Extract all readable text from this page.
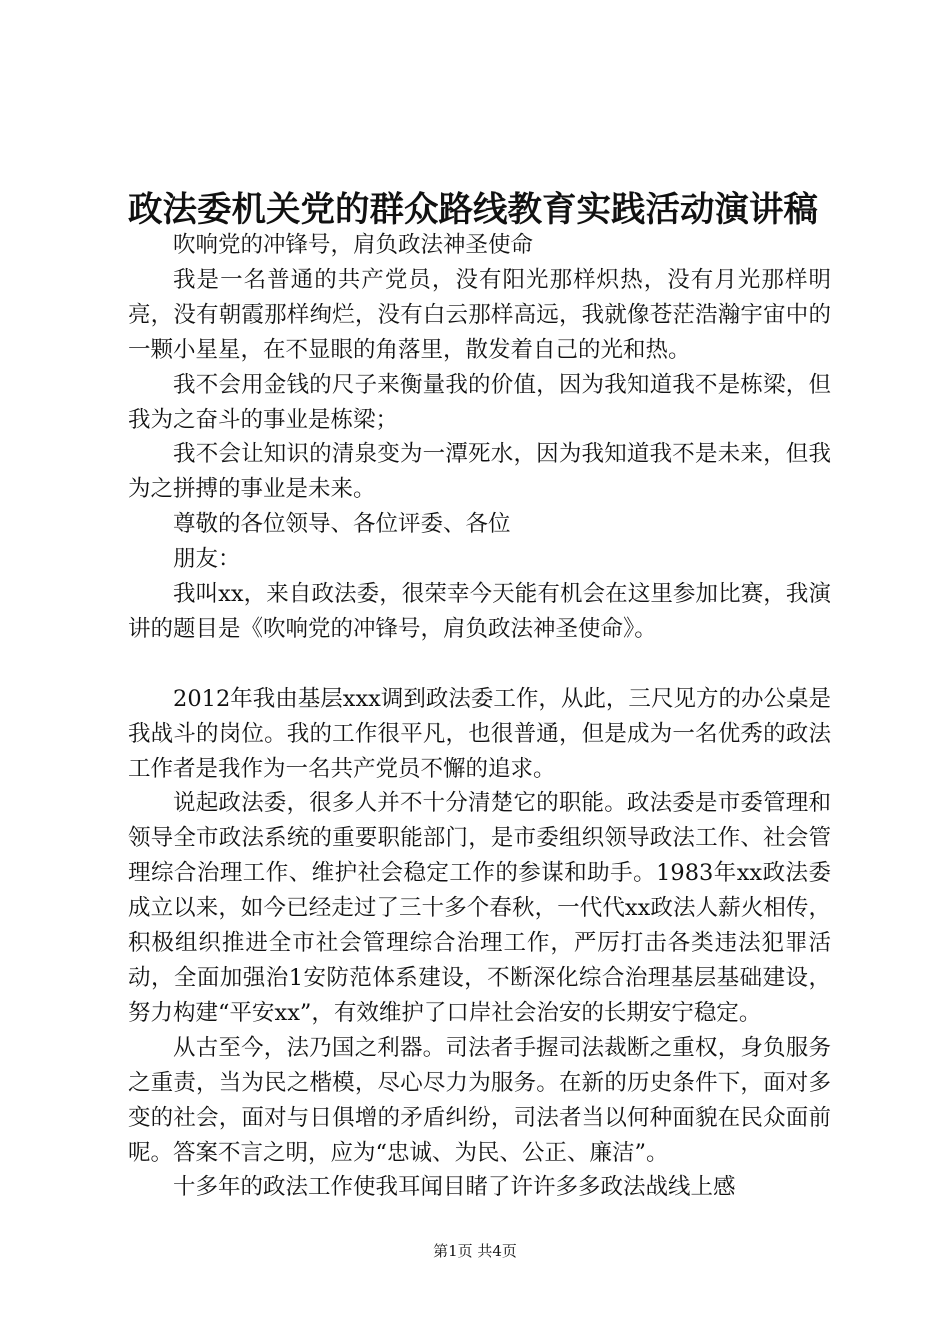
政法委机关党的群众路线教育实践活动演讲稿

吹响党的冲锋号，肩负政法神圣使命

我是一名普通的共产党员，没有阳光那样炽热，没有月光那样明亮，没有朝霞那样绚烂，没有白云那样高远，我就像苍茫浩瀚宇宙中的一颗小星星，在不显眼的角落里，散发着自己的光和热。

我不会用金钱的尺子来衡量我的价值，因为我知道我不是栋梁，但我为之奋斗的事业是栋梁；

我不会让知识的清泉变为一潭死水，因为我知道我不是未来，但我为之拼搏的事业是未来。

尊敬的各位领导、各位评委、各位

朋友：

我叫xx，来自政法委，很荣幸今天能有机会在这里参加比赛，我演讲的题目是《吹响党的冲锋号，肩负政法神圣使命》。

2012年我由基层xxx调到政法委工作，从此，三尺见方的办公桌是我战斗的岗位。我的工作很平凡，也很普通，但是成为一名优秀的政法工作者是我作为一名共产党员不懈的追求。

说起政法委，很多人并不十分清楚它的职能。政法委是市委管理和领导全市政法系统的重要职能部门，是市委组织领导政法工作、社会管理综合治理工作、维护社会稳定工作的参谋和助手。1983年xx政法委成立以来，如今已经走过了三十多个春秋，一代代xx政法人薪火相传，积极组织推进全市社会管理综合治理工作，严厉打击各类违法犯罪活动，全面加强治1安防范体系建设，不断深化综合治理基层基础建设，努力构建“平安xx”，有效维护了口岸社会治安的长期安宁稳定。

从古至今，法乃国之利器。司法者手握司法裁断之重权，身负服务之重责，当为民之楷模，尽心尽力为服务。在新的历史条件下，面对多变的社会，面对与日俱增的矛盾纠纷，司法者当以何种面貌在民众面前呢。答案不言之明，应为“忠诚、为民、公正、廉洁”。

十多年的政法工作使我耳闻目睹了许许多多政法战线上感

第1页 共4页
